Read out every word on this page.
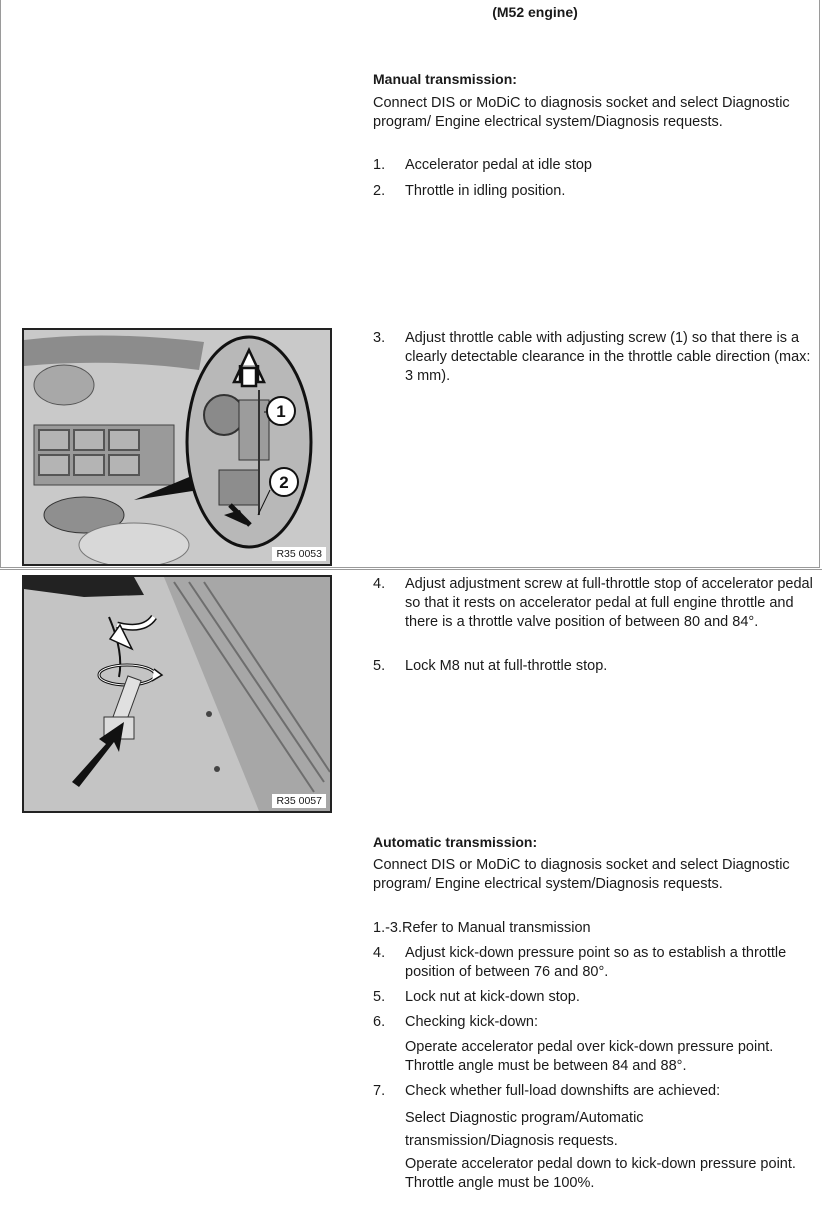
(M52 engine)
Manual transmission:
Connect DIS or MoDiC to diagnosis socket and select Diagnostic program/ Engine electrical system/Diagnosis requests.
1.	Accelerator pedal at idle stop
2.	Throttle in idling position.
3.	Adjust throttle cable with adjusting screw (1) so that there is a clearly detectable clearance in the throttle cable direction (max: 3 mm).
4.	Adjust adjustment screw at full-throttle stop of accelerator pedal so that it rests on accelerator pedal at full engine throttle and there is a throttle valve position of between 80 and 84°.
5.	Lock M8 nut at full-throttle stop.
1
2
R35 0053
R35 0057
Automatic transmission:
Connect DIS or MoDiC to diagnosis socket and select Diagnostic program/ Engine electrical system/Diagnosis requests.
1.-3.Refer to Manual transmission
4.	Adjust kick-down pressure point so as to establish a throttle position of between 76 and 80°.
5.	Lock nut at kick-down stop.
6.	Checking kick-down:
Operate accelerator pedal over kick-down pressure point. Throttle angle must be between 84 and 88°.
7.	Check whether full-load downshifts are achieved:
Select Diagnostic program/Automatic transmission/Diagnosis requests.
Operate accelerator pedal down to kick-down pressure point. Throttle angle must be 100%.
